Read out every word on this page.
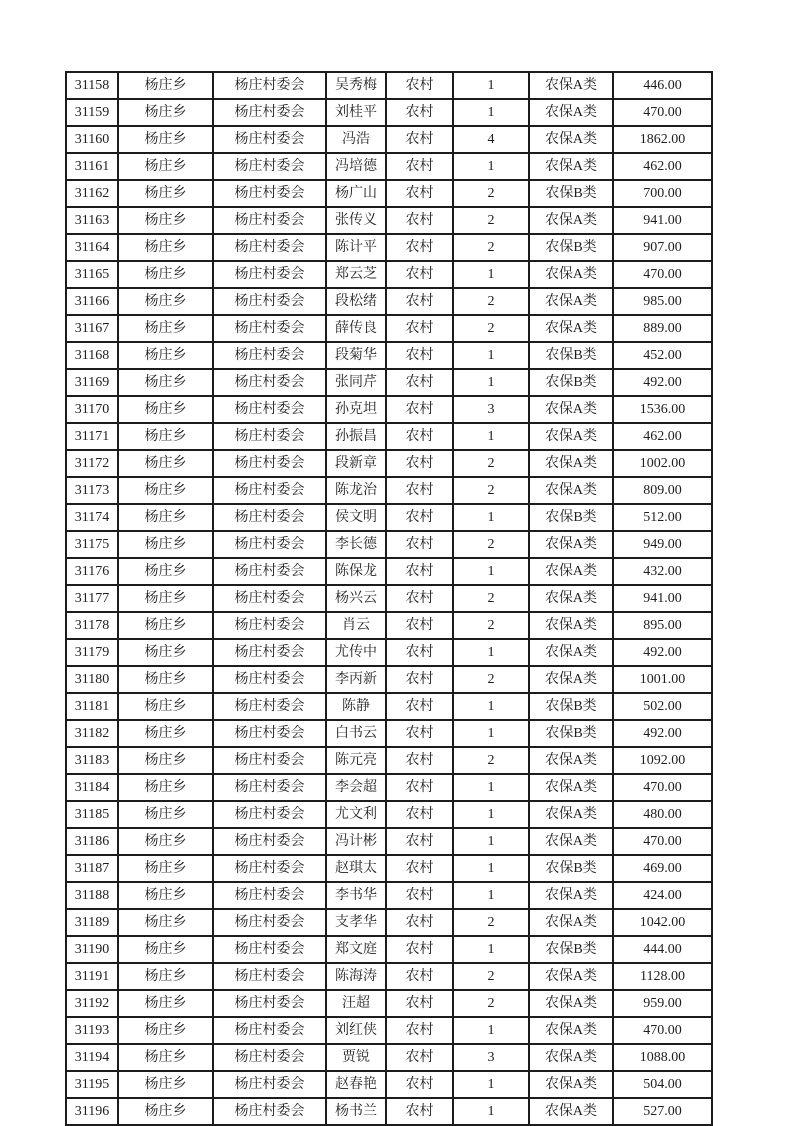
31158	杨庄乡	杨庄村委会	吴秀梅	农村	1	农保A类	446.00
31159	杨庄乡	杨庄村委会	刘桂平	农村	1	农保A类	470.00
31160	杨庄乡	杨庄村委会	冯浩	农村	4	农保A类	1862.00
31161	杨庄乡	杨庄村委会	冯培德	农村	1	农保A类	462.00
31162	杨庄乡	杨庄村委会	杨广山	农村	2	农保B类	700.00
31163	杨庄乡	杨庄村委会	张传义	农村	2	农保A类	941.00
31164	杨庄乡	杨庄村委会	陈计平	农村	2	农保B类	907.00
31165	杨庄乡	杨庄村委会	郑云芝	农村	1	农保A类	470.00
31166	杨庄乡	杨庄村委会	段松绪	农村	2	农保A类	985.00
31167	杨庄乡	杨庄村委会	薛传良	农村	2	农保A类	889.00
31168	杨庄乡	杨庄村委会	段菊华	农村	1	农保B类	452.00
31169	杨庄乡	杨庄村委会	张同芹	农村	1	农保B类	492.00
31170	杨庄乡	杨庄村委会	孙克坦	农村	3	农保A类	1536.00
31171	杨庄乡	杨庄村委会	孙振昌	农村	1	农保A类	462.00
31172	杨庄乡	杨庄村委会	段新章	农村	2	农保A类	1002.00
31173	杨庄乡	杨庄村委会	陈龙治	农村	2	农保A类	809.00
31174	杨庄乡	杨庄村委会	侯文明	农村	1	农保B类	512.00
31175	杨庄乡	杨庄村委会	李长德	农村	2	农保A类	949.00
31176	杨庄乡	杨庄村委会	陈保龙	农村	1	农保A类	432.00
31177	杨庄乡	杨庄村委会	杨兴云	农村	2	农保A类	941.00
31178	杨庄乡	杨庄村委会	肖云	农村	2	农保A类	895.00
31179	杨庄乡	杨庄村委会	尤传中	农村	1	农保A类	492.00
31180	杨庄乡	杨庄村委会	李丙新	农村	2	农保A类	1001.00
31181	杨庄乡	杨庄村委会	陈静	农村	1	农保B类	502.00
31182	杨庄乡	杨庄村委会	白书云	农村	1	农保B类	492.00
31183	杨庄乡	杨庄村委会	陈元亮	农村	2	农保A类	1092.00
31184	杨庄乡	杨庄村委会	李会超	农村	1	农保A类	470.00
31185	杨庄乡	杨庄村委会	尤文利	农村	1	农保A类	480.00
31186	杨庄乡	杨庄村委会	冯计彬	农村	1	农保A类	470.00
31187	杨庄乡	杨庄村委会	赵琪太	农村	1	农保B类	469.00
31188	杨庄乡	杨庄村委会	李书华	农村	1	农保A类	424.00
31189	杨庄乡	杨庄村委会	支孝华	农村	2	农保A类	1042.00
31190	杨庄乡	杨庄村委会	郑文庭	农村	1	农保B类	444.00
31191	杨庄乡	杨庄村委会	陈海涛	农村	2	农保A类	1128.00
31192	杨庄乡	杨庄村委会	汪超	农村	2	农保A类	959.00
31193	杨庄乡	杨庄村委会	刘红侠	农村	1	农保A类	470.00
31194	杨庄乡	杨庄村委会	贾锐	农村	3	农保A类	1088.00
31195	杨庄乡	杨庄村委会	赵春艳	农村	1	农保A类	504.00
31196	杨庄乡	杨庄村委会	杨书兰	农村	1	农保A类	527.00
